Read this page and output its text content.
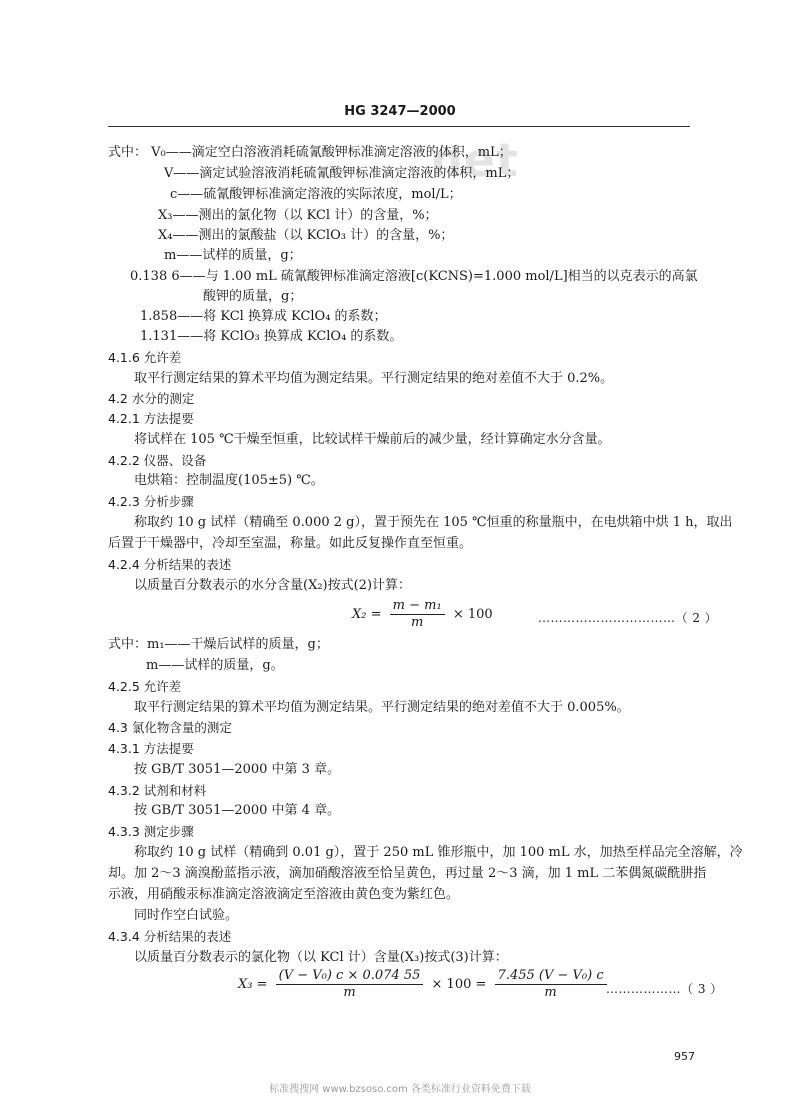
net
HG 3247—2000
式中： V₀——滴定空白溶液消耗硫氰酸钾标准滴定溶液的体积，mL；
V——滴定试验溶液消耗硫氰酸钾标准滴定溶液的体积，mL；
c——硫氰酸钾标准滴定溶液的实际浓度，mol/L；
X₃——测出的氯化物（以 KCl 计）的含量，%；
X₄——测出的氯酸盐（以 KClO₃ 计）的含量，%；
m——试样的质量，g；
0.138 6——与 1.00 mL 硫氰酸钾标准滴定溶液[c(KCNS)=1.000 mol/L]相当的以克表示的高氯
酸钾的质量，g；
1.858——将 KCl 换算成 KClO₄ 的系数；
1.131——将 KClO₃ 换算成 KClO₄ 的系数。
4.1.6 允许差
取平行测定结果的算术平均值为测定结果。平行测定结果的绝对差值不大于 0.2%。
4.2 水分的测定
4.2.1 方法提要
将试样在 105 ℃干燥至恒重，比较试样干燥前后的减少量，经计算确定水分含量。
4.2.2 仪器、设备
电烘箱：控制温度(105±5) ℃。
4.2.3 分析步骤
称取约 10 g 试样（精确至 0.000 2 g），置于预先在 105 ℃恒重的称量瓶中，在电烘箱中烘 1 h，取出
后置于干燥器中，冷却至室温，称量。如此反复操作直至恒重。
4.2.4 分析结果的表述
以质量百分数表示的水分含量(X₂)按式(2)计算：
式中：m₁——干燥后试样的质量，g；
m——试样的质量，g。
4.2.5 允许差
取平行测定结果的算术平均值为测定结果。平行测定结果的绝对差值不大于 0.005%。
4.3 氯化物含量的测定
4.3.1 方法提要
按 GB/T 3051—2000 中第 3 章。
4.3.2 试剂和材料
按 GB/T 3051—2000 中第 4 章。
4.3.3 测定步骤
称取约 10 g 试样（精确到 0.01 g），置于 250 mL 锥形瓶中，加 100 mL 水，加热至样品完全溶解，冷
却。加 2～3 滴溴酚蓝指示液，滴加硝酸溶液至恰呈黄色，再过量 2～3 滴，加 1 mL 二苯偶氮碳酰肼指
示液，用硝酸汞标准滴定溶液滴定至溶液由黄色变为紫红色。
同时作空白试验。
4.3.4 分析结果的表述
以质量百分数表示的氯化物（以 KCl 计）含量(X₃)按式(3)计算：
$X_2 = \frac{\text{m − m₁}}{m} \times 100$	……………………………（ 2 ）
$X_3 = \frac{\text{(V − V₀) c × 0.074 55}}{m} \times 100 = \frac{\text{7.455 (V − V₀) c}}{m}$ ………………（ 3 ）
957
标准搜搜网 www.bzsoso.com 各类标准行业资料免费下载
